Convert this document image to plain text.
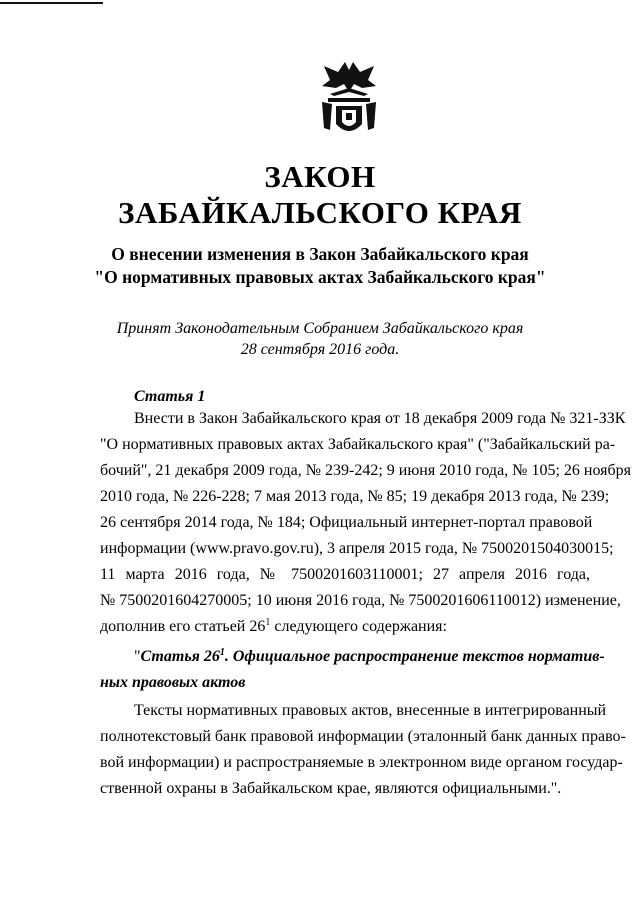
ЗАКОН
ЗАБАЙКАЛЬСКОГО КРАЯ
О внесении изменения в Закон Забайкальского края
"О нормативных правовых актах Забайкальского края"
Принят Законодательным Собранием Забайкальского края
28 сентября 2016 года.
Статья 1
Внести в Закон Забайкальского края от 18 декабря 2009 года № 321-ЗЗК
"О нормативных правовых актах Забайкальского края" ("Забайкальский ра-
бочий", 21 декабря 2009 года, № 239-242; 9 июня 2010 года, № 105; 26 ноября
2010 года, № 226-228; 7 мая 2013 года, № 85; 19 декабря 2013 года, № 239;
26 сентября 2014 года, № 184; Официальный интернет-портал правовой
информации (www.pravo.gov.ru), 3 апреля 2015 года, № 7500201504030015;
11 марта 2016 года, № 7500201603110001; 27 апреля 2016 года,
№ 7500201604270005; 10 июня 2016 года, № 7500201606110012) изменение,
дополнив его статьей $26^1$ следующего содержания:
"Статья $26^1$. Официальное распространение текстов норматив-
ных правовых актов
Тексты нормативных правовых актов, внесенные в интегрированный
полнотекстовый банк правовой информации (эталонный банк данных право-
вой информации) и распространяемые в электронном виде органом государ-
ственной охраны в Забайкальском крае, являются официальными.".
